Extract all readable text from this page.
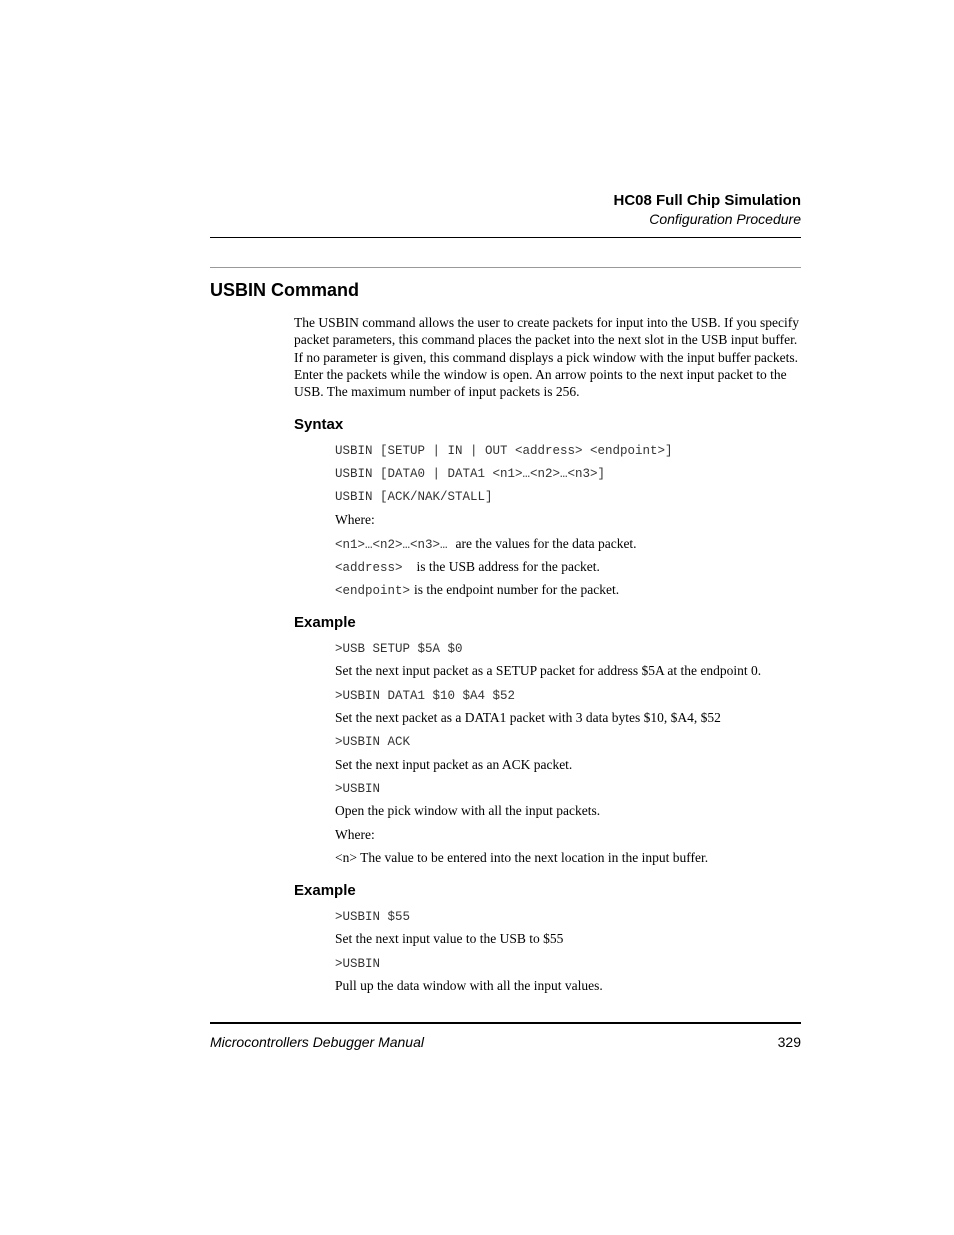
HC08 Full Chip Simulation
Configuration Procedure
USBIN Command

The USBIN command allows the user to create packets for input into the USB. If you specify packet parameters, this command places the packet into the next slot in the USB input buffer. If no parameter is given, this command displays a pick window with the input buffer packets. Enter the packets while the window is open. An arrow points to the next input packet to the USB. The maximum number of input packets is 256.

Syntax
USBIN [SETUP | IN | OUT <address> <endpoint>]
USBIN [DATA0 | DATA1 <n1>…<n2>…<n3>]
USBIN [ACK/NAK/STALL]
Where:
<n1>…<n2>…<n3>… are the values for the data packet.
<address> is the USB address for the packet.
<endpoint> is the endpoint number for the packet.
Example
>USB SETUP $5A $0
Set the next input packet as a SETUP packet for address $5A at the endpoint 0.
>USBIN DATA1 $10 $A4 $52
Set the next packet as a DATA1 packet with 3 data bytes $10, $A4, $52
>USBIN ACK
Set the next input packet as an ACK packet.
>USBIN
Open the pick window with all the input packets.
Where:
<n> The value to be entered into the next location in the input buffer.
Example
>USBIN $55
Set the next input value to the USB to $55
>USBIN
Pull up the data window with all the input values.
Microcontrollers Debugger Manual	329
